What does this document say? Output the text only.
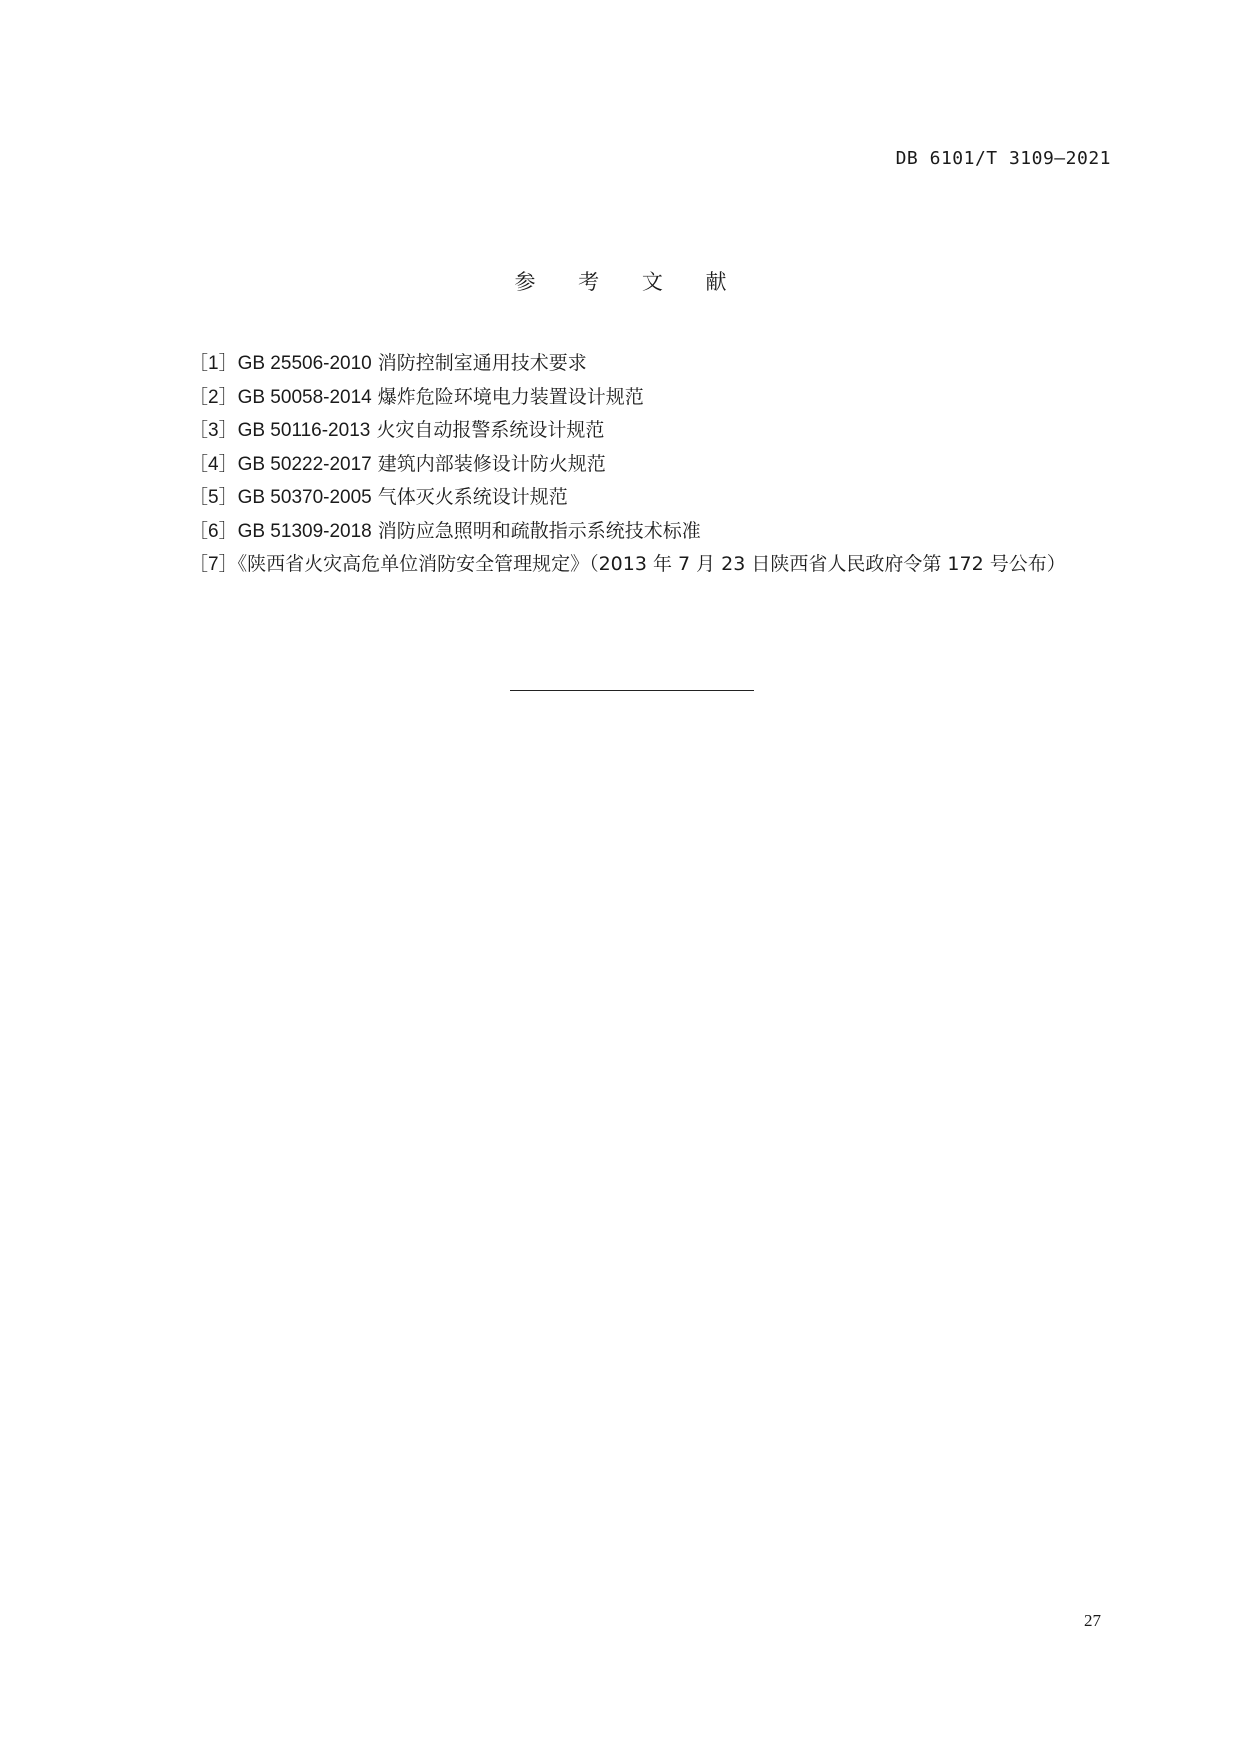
DB 6101/T 3109—2021
参 考 文 献
［1］GB 25506-2010 消防控制室通用技术要求
［2］GB 50058-2014 爆炸危险环境电力装置设计规范
［3］GB 50116-2013 火灾自动报警系统设计规范
［4］GB 50222-2017 建筑内部装修设计防火规范
［5］GB 50370-2005 气体灭火系统设计规范
［6］GB 51309-2018 消防应急照明和疏散指示系统技术标准
［7］《陕西省火灾高危单位消防安全管理规定》（2013 年 7 月 23 日陕西省人民政府令第 172 号公布）
27
